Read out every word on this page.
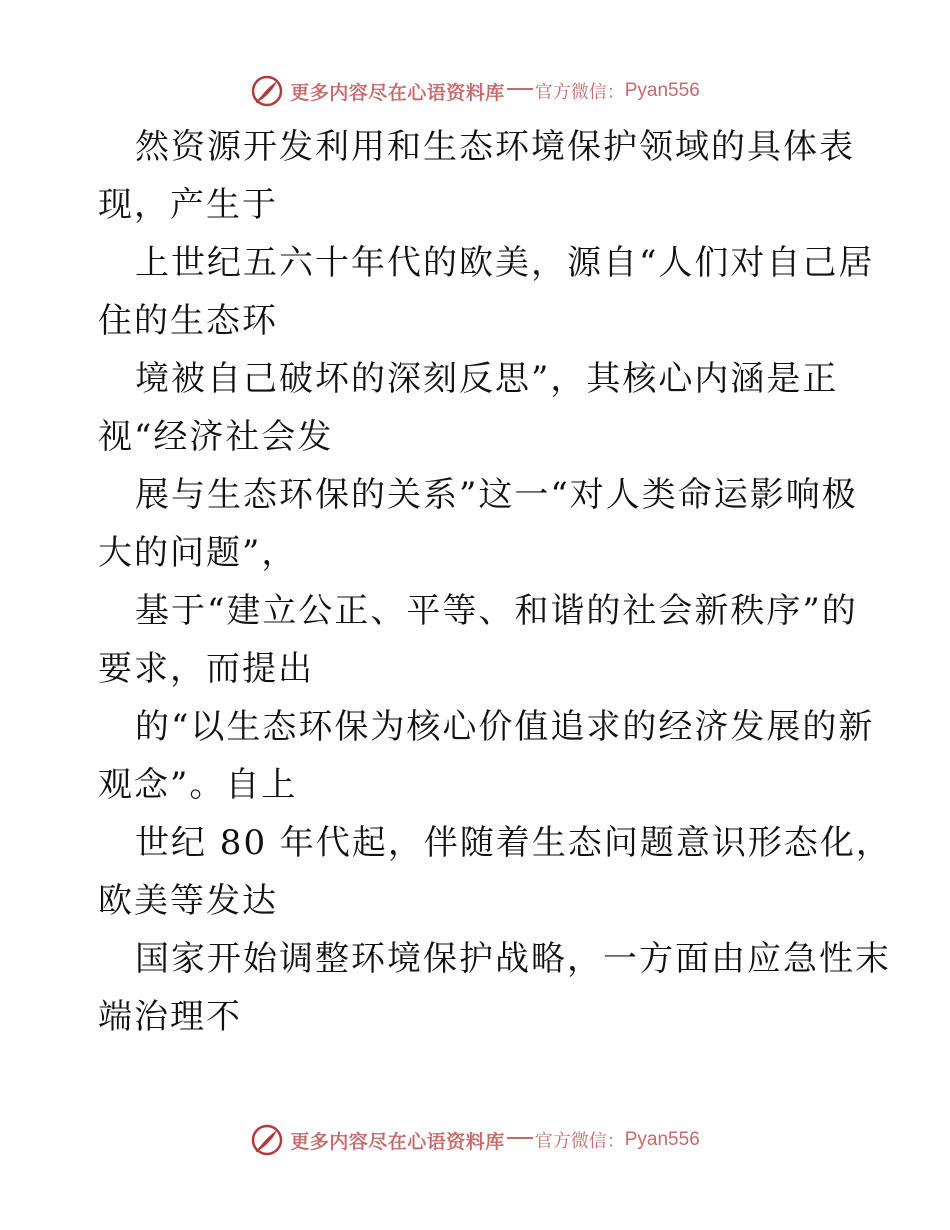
更多内容尽在心语资料库 官方微信： Pyan556
然资源开发利用和生态环境保护领域的具体表
现，产生于
上世纪五六十年代的欧美，源自“人们对自己居
住的生态环
境被自己破坏的深刻反思”，其核心内涵是正
视“经济社会发
展与生态环保的关系”这一“对人类命运影响极
大的问题”，
基于“建立公正、平等、和谐的社会新秩序”的
要求，而提出
的“以生态环保为核心价值追求的经济发展的新
观念”。自上
世纪 80 年代起，伴随着生态问题意识形态化，
欧美等发达
国家开始调整环境保护战略，一方面由应急性末
端治理不
更多内容尽在心语资料库 官方微信： Pyan556
